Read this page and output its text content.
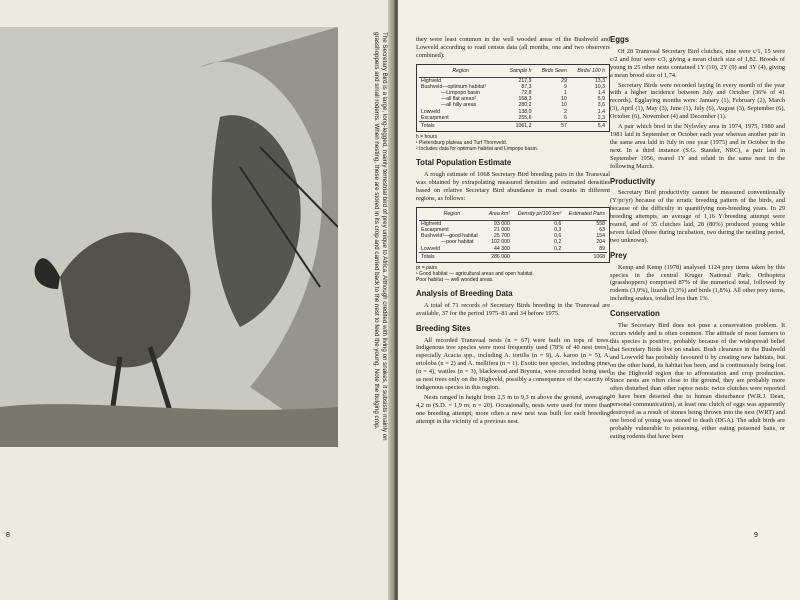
The Secretary Bird is a large, long-legged, mainly terrestrial bird of prey unique to Africa. Although credited with living on snakes, it subsists mainly on grasshoppers and small rodents. When nesting, these are stored in its crop and carried back to the nest to feed the young. Note the bulging crop.
8

they were least common in the well wooded areas of the Bushveld and Lowveld according to road census data (all months, one and two observers combined):

Region	Sample h	Birds Seen	Birds/ 100 h
Highveld	217,9	29	13,3
Bushveld—optimum habitat¹	87,3	9	10,3
—Limpopo basin	72,8	1	1,4
—all flat areas²	168,3	10	5,9
—all hilly areas	280,2	10	3,6
Lowveld	138,0	2	1,4
Escarpment	255,6	6	2,3
Totals	1061,2	57	5,4
h = hours
¹ Pietersburg plateau and Turf Thornveld.
² Includes data for optimum habitat and Limpopo basin.
Total Population Estimate

A rough estimate of 1068 Secretary Bird breeding pairs in the Transvaal was obtained by extrapolating measured densities and estimated densities based on relative Secretary Bird abundance in road counts in different regions, as follows:

Region	Area km²	Density pr/100 km²	Estimated Pairs
Highveld	93 000	0,6	558
Escarpment	21 000	0,3	63
Bushveld¹—good habitat	25 700	0,6	154
—poor habitat	102 000	0,2	204
Lowveld	44 300	0,2	89
Totals	286 000		1068
pr = pairs
¹ Good habitat — agricultural areas and open habitat.
Poor habitat — well wooded areas.
Analysis of Breeding Data

A total of 71 records of Secretary Birds breeding in the Transvaal are available, 37 for the period 1975–81 and 34 before 1975.

Breeding Sites

All recorded Transvaal nests (n = 67) were built on tops of trees. Indigenous tree species were most frequently used (78% of 40 nest trees), especially Acacia spp., including A. tortilis (n = 9), A. karoo (n = 5), A. erioloba (n = 2) and A. mellifera (n = 1). Exotic tree species, including pines (n = 4), wattles (n = 3), blackwood and Bryonia, were recorded being used as nest trees only on the Highveld, possibly a consequence of the scarcity of indigenous species in this region.

Nests ranged in height from 2,5 m to 9,3 m above the ground, averaging 4,2 m (S.D. = 1,9 m; n = 20). Occasionally, nests were used for more than one breeding attempt; more often a new nest was built for each breeding attempt in the vicinity of a previous nest.

Eggs

Of 28 Transvaal Secretary Bird clutches, nine were c/1, 15 were c/2 and four were c/3, giving a mean clutch size of 1,82. Broods of young in 25 other nests contained 1Y (10), 2Y (9) and 3Y (4), giving a mean brood size of 1,74.

Secretary Birds were recorded laying in every month of the year with a higher incidence between July and October (36% of 41 records). Egglaying months were: January (1), February (2), March (3), April (1), May (3), June (1), July (6), August (3), September (6), October (6), November (4) and December (1).

A pair which bred in the Nylsvley area in 1974, 1975, 1980 and 1981 laid in September or October each year whereas another pair in the same area laid in July in one year (1975) and in October in the next. In a third instance (S.G. Stander, NRC), a pair laid in September 1956, reared 1Y and relaid in the same nest in the following March.

Productivity

Secretary Bird productivity cannot be measured conventionally (Y/pr/yr) because of the erratic breeding pattern of the birds, and because of the difficulty in quantifying non-breeding years. In 29 breeding attempts, an average of 1,16 Y/breeding attempt were reared, and of 35 clutches laid, 28 (80%) produced young while seven failed (three during incubation, two during the nestling period, two unknown).

Prey

Kemp and Kemp (1978) analysed 1124 prey items taken by this species in the central Kruger National Park: Orthoptera (grasshoppers) comprised 87% of the numerical total, followed by rodents (3,9%), lizards (3,3%) and birds (1,8%). All other prey items, including snakes, totalled less than 1%.

Conservation

The Secretary Bird does not pose a conservation problem. It occurs widely and is often common. The attitude of most farmers to this species is positive, probably because of the widespread belief that Secretary Birds live on snakes. Bush clearance in the Bushveld and Lowveld has probably favoured it by creating new habitats, but on the other hand, its habitat has been, and is continuously being lost in the Highveld region due to afforestation and crop production. Since nests are often close to the ground, they are probably more often disturbed than other raptor nests: twice clutches were reported to have been deserted due to human disturbance (W.R.J. Dean, personal communication), at least one clutch of eggs was apparently destroyed as a result of stones being thrown into the nest (WRT) and one brood of young was stoned to death (DGA). The adult birds are probably vulnerable to poisoning, either eating poisoned baits, or eating rodents that have been

9
